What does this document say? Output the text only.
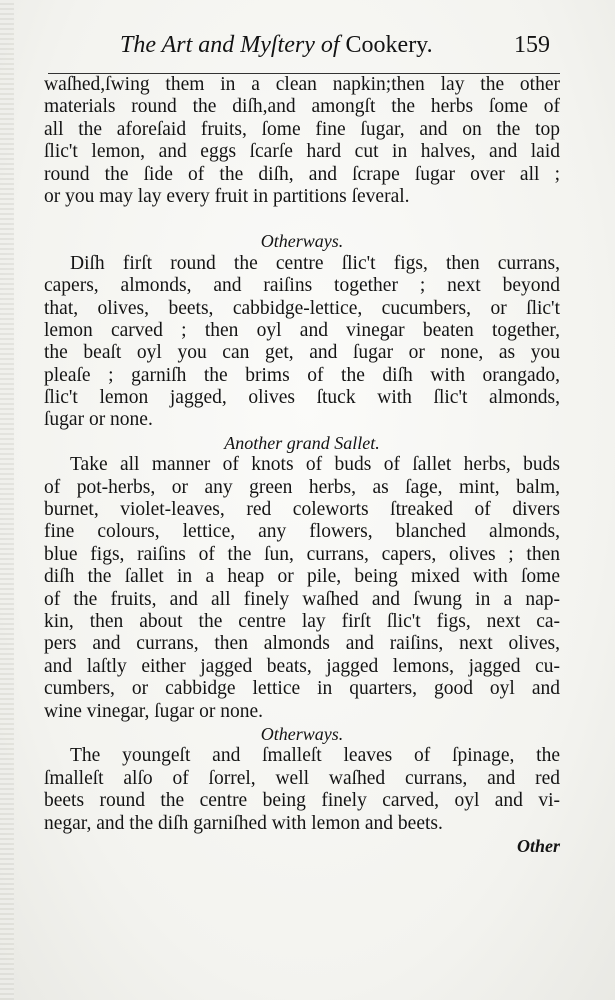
The Art and Myſtery of Cookery.	159
waſhed,ſwing them in a clean napkin;then lay the other
materials round the diſh,and amongſt the herbs ſome of
all the aforeſaid fruits, ſome fine ſugar, and on the top
ſlic't lemon, and eggs ſcarſe hard cut in halves, and laid
round the ſide of the diſh, and ſcrape ſugar over all ;
or you may lay every fruit in partitions ſeveral.
Otherways.
Diſh firſt round the centre ſlic't figs, then currans,
capers, almonds, and raiſins together ; next beyond
that, olives, beets, cabbidge-lettice, cucumbers, or ſlic't
lemon carved ; then oyl and vinegar beaten together,
the beaſt oyl you can get, and ſugar or none, as you
pleaſe ; garniſh the brims of the diſh with orangado,
ſlic't lemon jagged, olives ſtuck with ſlic't almonds,
ſugar or none.
Another grand Sallet.
Take all manner of knots of buds of ſallet herbs, buds
of pot-herbs, or any green herbs, as ſage, mint, balm,
burnet, violet-leaves, red coleworts ſtreaked of divers
fine colours, lettice, any flowers, blanched almonds,
blue figs, raiſins of the ſun, currans, capers, olives ; then
diſh the ſallet in a heap or pile, being mixed with ſome
of the fruits, and all finely waſhed and ſwung in a nap-
kin, then about the centre lay firſt ſlic't figs, next ca-
pers and currans, then almonds and raiſins, next olives,
and laſtly either jagged beats, jagged lemons, jagged cu-
cumbers, or cabbidge lettice in quarters, good oyl and
wine vinegar, ſugar or none.
Otherways.
The youngeſt and ſmalleſt leaves of ſpinage, the
ſmalleſt alſo of ſorrel, well waſhed currans, and red
beets round the centre being finely carved, oyl and vi-
negar, and the diſh garniſhed with lemon and beets.
Other
